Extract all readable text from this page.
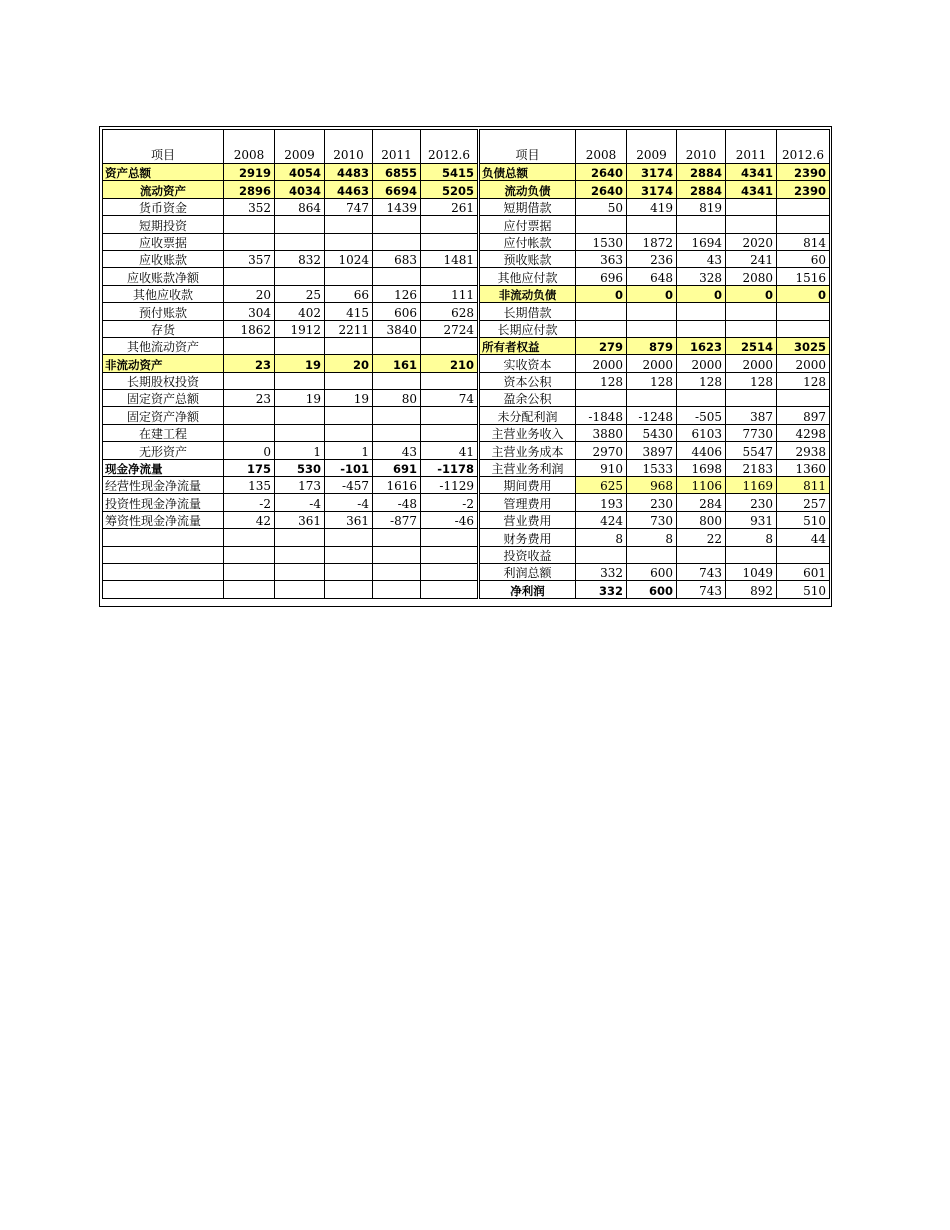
项目	2008	2009	2010	2011	2012.6	项目	2008	2009	2010	2011	2012.6
资产总额	2919	4054	4483	6855	5415	负债总额	2640	3174	2884	4341	2390
流动资产	2896	4034	4463	6694	5205	流动负债	2640	3174	2884	4341	2390
货币资金	352	864	747	1439	261	短期借款	50	419	819		
短期投资						应付票据					
应收票据						应付帐款	1530	1872	1694	2020	814
应收账款	357	832	1024	683	1481	预收账款	363	236	43	241	60
应收账款净额						其他应付款	696	648	328	2080	1516
其他应收款	20	25	66	126	111	非流动负债	0	0	0	0	0
预付账款	304	402	415	606	628	长期借款					
存货	1862	1912	2211	3840	2724	长期应付款					
其他流动资产						所有者权益	279	879	1623	2514	3025
非流动资产	23	19	20	161	210	实收资本	2000	2000	2000	2000	2000
长期股权投资						资本公积	128	128	128	128	128
固定资产总额	23	19	19	80	74	盈余公积					
固定资产净额						未分配利润	-1848	-1248	-505	387	897
在建工程						主营业务收入	3880	5430	6103	7730	4298
无形资产	0	1	1	43	41	主营业务成本	2970	3897	4406	5547	2938
现金净流量	175	530	-101	691	-1178	主营业务利润	910	1533	1698	2183	1360
经营性现金净流量	135	173	-457	1616	-1129	期间费用	625	968	1106	1169	811
投资性现金净流量	-2	-4	-4	-48	-2	管理费用	193	230	284	230	257
筹资性现金净流量	42	361	361	-877	-46	营业费用	424	730	800	931	510
						财务费用	8	8	22	8	44
						投资收益					
						利润总额	332	600	743	1049	601
						净利润	332	600	743	892	510
